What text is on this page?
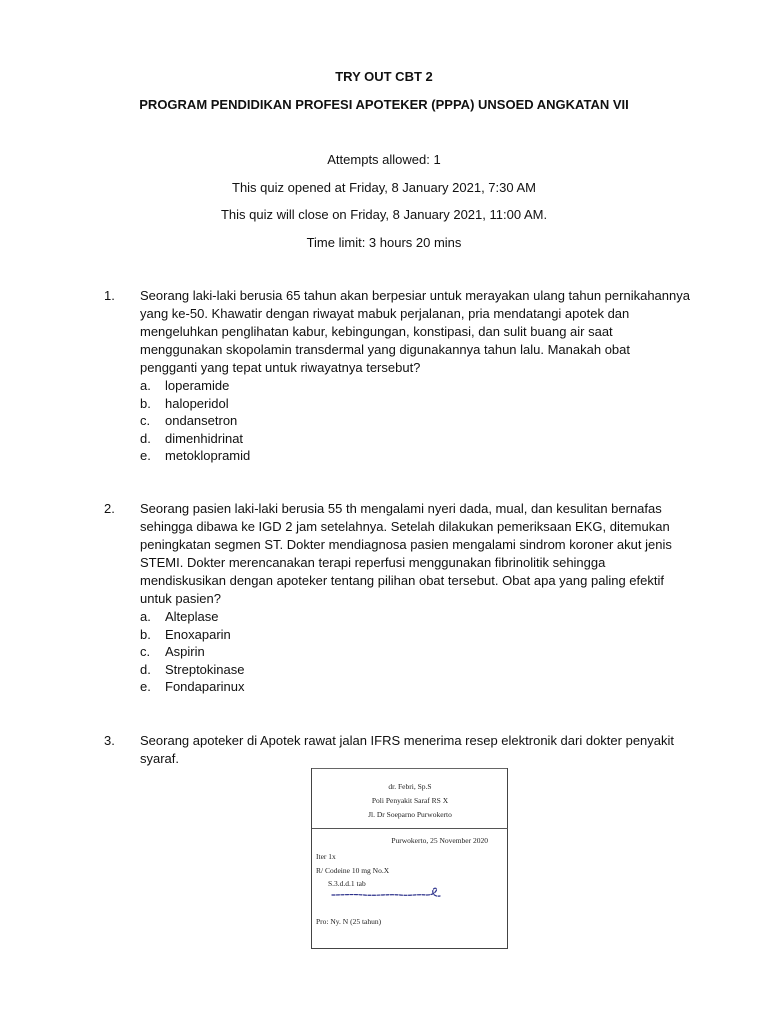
TRY OUT CBT 2
PROGRAM PENDIDIKAN PROFESI APOTEKER (PPPA) UNSOED ANGKATAN VII
Attempts allowed: 1
This quiz opened at Friday, 8 January 2021, 7:30 AM
This quiz will close on Friday, 8 January 2021, 11:00 AM.
Time limit: 3 hours 20 mins
1.	Seorang laki-laki berusia 65 tahun akan berpesiar untuk merayakan ulang tahun pernikahannya yang ke-50. Khawatir dengan riwayat mabuk perjalanan, pria mendatangi apotek dan mengeluhkan penglihatan kabur, kebingungan, konstipasi, dan sulit buang air saat menggunakan skopolamin transdermal yang digunakannya tahun lalu. Manakah obat pengganti yang tepat untuk riwayatnya tersebut?
a.	loperamide
b.	haloperidol
c.	ondansetron
d.	dimenhidrinat
e.	metoklopramid
2.	Seorang pasien laki-laki berusia 55 th mengalami nyeri dada, mual, dan kesulitan bernafas sehingga dibawa ke IGD 2 jam setelahnya. Setelah dilakukan pemeriksaan EKG, ditemukan peningkatan segmen ST. Dokter mendiagnosa pasien mengalami sindrom koroner akut jenis STEMI. Dokter merencanakan terapi reperfusi menggunakan fibrinolitik sehingga mendiskusikan dengan apoteker tentang pilihan obat tersebut. Obat apa yang paling efektif untuk pasien?
a.	Alteplase
b.	Enoxaparin
c.	Aspirin
d.	Streptokinase
e.	Fondaparinux
3.	Seorang apoteker di Apotek rawat jalan IFRS menerima resep elektronik dari dokter penyakit syaraf.
dr. Febri, Sp.S
Poli Penyakit Saraf RS X
Jl. Dr Soeparno Purwokerto
Purwokerto, 25 November 2020
Iter 1x
R/ Codeine 10 mg No.X
S.3.d.d.1 tab
Pro: Ny. N (25 tahun)
